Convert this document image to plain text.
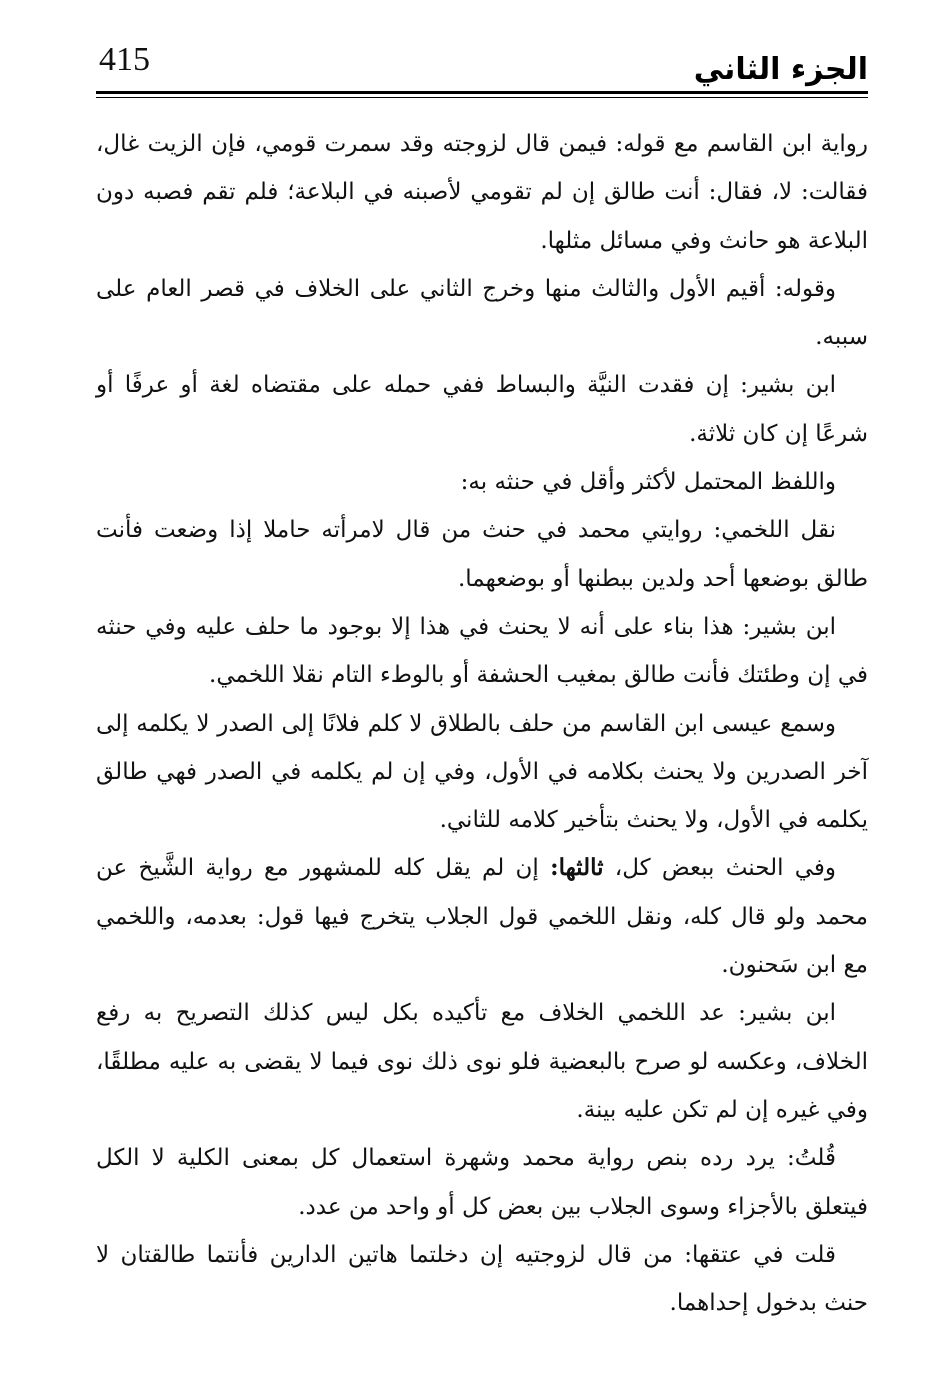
415	الجزء الثاني

رواية ابن القاسم مع قوله: فيمن قال لزوجته وقد سمرت قومي، فإن الزيت غال، فقالت: لا، فقال: أنت طالق إن لم تقومي لأصبنه في البلاعة؛ فلم تقم فصبه دون البلاعة هو حانث وفي مسائل مثلها.

وقوله: أقيم الأول والثالث منها وخرج الثاني على الخلاف في قصر العام على سببه.

ابن بشير: إن فقدت النيَّة والبساط ففي حمله على مقتضاه لغة أو عرفًا أو شرعًا إن كان ثلاثة.

واللفظ المحتمل لأكثر وأقل في حنثه به:

نقل اللخمي: روايتي محمد في حنث من قال لامرأته حاملا إذا وضعت فأنت طالق بوضعها أحد ولدين ببطنها أو بوضعهما.

ابن بشير: هذا بناء على أنه لا يحنث في هذا إلا بوجود ما حلف عليه وفي حنثه في إن وطئتك فأنت طالق بمغيب الحشفة أو بالوطء التام نقلا اللخمي.

وسمع عيسى ابن القاسم من حلف بالطلاق لا كلم فلانًا إلى الصدر لا يكلمه إلى آخر الصدرين ولا يحنث بكلامه في الأول، وفي إن لم يكلمه في الصدر فهي طالق يكلمه في الأول، ولا يحنث بتأخير كلامه للثاني.

وفي الحنث ببعض كل، ثالثها: إن لم يقل كله للمشهور مع رواية الشَّيخ عن محمد ولو قال كله، ونقل اللخمي قول الجلاب يتخرج فيها قول: بعدمه، واللخمي مع ابن سَحنون.

ابن بشير: عد اللخمي الخلاف مع تأكيده بكل ليس كذلك التصريح به رفع الخلاف، وعكسه لو صرح بالبعضية فلو نوى ذلك نوى فيما لا يقضى به عليه مطلقًا، وفي غيره إن لم تكن عليه بينة.

قُلتُ: يرد رده بنص رواية محمد وشهرة استعمال كل بمعنى الكلية لا الكل فيتعلق بالأجزاء وسوى الجلاب بين بعض كل أو واحد من عدد.

قلت في عتقها: من قال لزوجتيه إن دخلتما هاتين الدارين فأنتما طالقتان لا حنث بدخول إحداهما.
